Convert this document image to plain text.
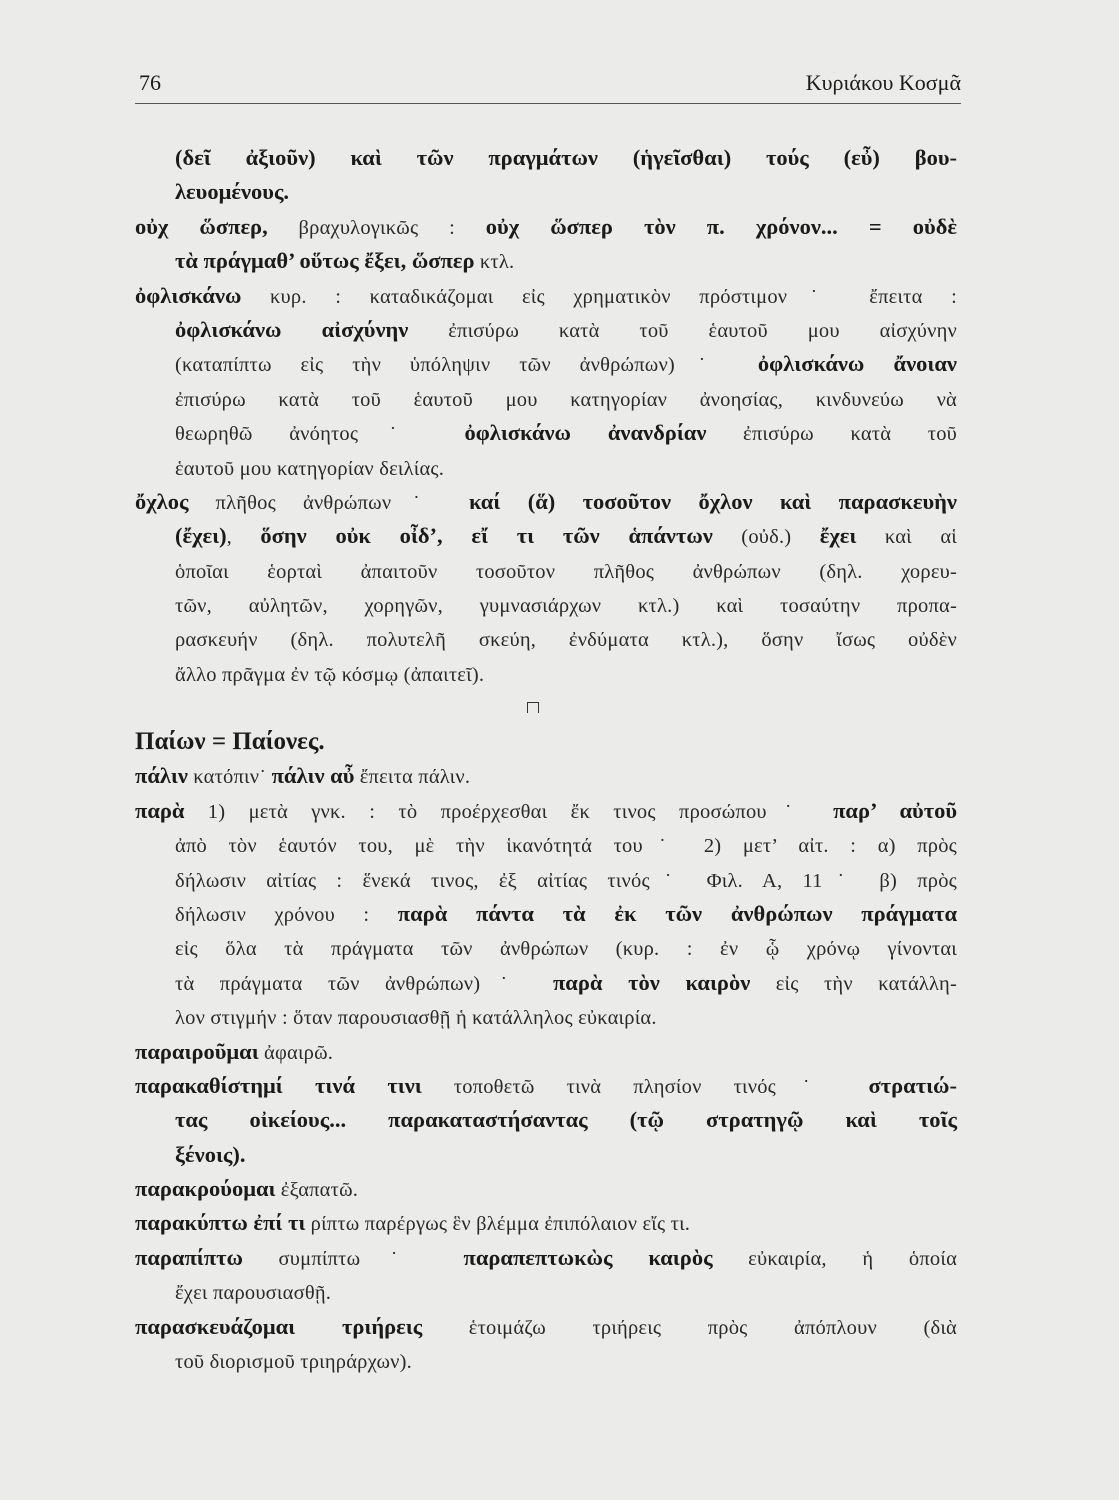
76	Κυριάκου Κοσμᾶ
(δεῖ ἀξιοῦν) καὶ τῶν πραγμάτων (ἡγεῖσθαι) τούς (εὖ) βου-
λευομένους.
οὐχ ὥσπερ, βραχυλογικῶς : οὐχ ὥσπερ τὸν π. χρόνον... = οὐδὲ
τὰ πράγμαθ’ οὕτως ἔξει, ὥσπερ κτλ.
ὀφλισκάνω κυρ. : καταδικάζομαι εἰς χρηματικὸν πρόστιμον˙ ἔπειτα :
ὀφλισκάνω αἰσχύνην ἐπισύρω κατὰ τοῦ ἑαυτοῦ μου αἰσχύνην
(καταπίπτω εἰς τὴν ὑπόληψιν τῶν ἀνθρώπων)˙ ὀφλισκάνω ἄνοιαν
ἐπισύρω κατὰ τοῦ ἑαυτοῦ μου κατηγορίαν ἀνοησίας, κινδυνεύω νὰ
θεωρηθῶ ἀνόητος˙ ὀφλισκάνω ἀνανδρίαν ἐπισύρω κατὰ τοῦ
ἑαυτοῦ μου κατηγορίαν δειλίας.
ὄχλος πλῆθος ἀνθρώπων˙ καί (ἅ) τοσοῦτον ὄχλον καὶ παρασκευὴν
(ἔχει), ὅσην οὐκ οἶδ’, εἴ τι τῶν ἁπάντων (οὐδ.) ἔχει καὶ αἱ
ὁποῖαι ἑορταὶ ἀπαιτοῦν τοσοῦτον πλῆθος ἀνθρώπων (δηλ. χορευ-
τῶν, αὐλητῶν, χορηγῶν, γυμνασιάρχων κτλ.) καὶ τοσαύτην προπα-
ρασκευήν (δηλ. πολυτελῆ σκεύη, ἐνδύματα κτλ.), ὅσην ἴσως οὐδὲν
ἄλλο πρᾶγμα ἐν τῷ κόσμῳ (ἀπαιτεῖ).
Παίων = Παίονες.
πάλιν κατόπιν˙ πάλιν αὖ ἔπειτα πάλιν.
παρὰ 1) μετὰ γνκ. : τὸ προέρχεσθαι ἔκ τινος προσώπου˙ παρ’ αὐτοῦ
ἀπὸ τὸν ἑαυτόν του, μὲ τὴν ἱκανότητά του˙ 2) μετ’ αἰτ. : α) πρὸς
δήλωσιν αἰτίας : ἕνεκά τινος, ἐξ αἰτίας τινός˙ Φιλ. Α, 11˙ β) πρὸς
δήλωσιν χρόνου : παρὰ πάντα τὰ ἐκ τῶν ἀνθρώπων πράγματα
εἰς ὅλα τὰ πράγματα τῶν ἀνθρώπων (κυρ. : ἐν ᾧ χρόνῳ γίνονται
τὰ πράγματα τῶν ἀνθρώπων)˙ παρὰ τὸν καιρὸν εἰς τὴν κατάλλη-
λον στιγμήν : ὅταν παρουσιασθῇ ἡ κατάλληλος εὐκαιρία.
παραιροῦμαι ἀφαιρῶ.
παρακαθίστημί τινά τινι τοποθετῶ τινὰ πλησίον τινός˙ στρατιώ-
τας οἰκείους... παρακαταστήσαντας (τῷ στρατηγῷ καὶ τοῖς
ξένοις).
παρακρούομαι ἐξαπατῶ.
παρακύπτω ἐπί τι ρίπτω παρέργως ἓν βλέμμα ἐπιπόλαιον εἴς τι.
παραπίπτω συμπίπτω˙ παραπεπτωκὼς καιρὸς εὐκαιρία, ἡ ὁποία
ἔχει παρουσιασθῇ.
παρασκευάζομαι τριήρεις ἑτοιμάζω τριήρεις πρὸς ἀπόπλουν (διὰ
τοῦ διορισμοῦ τριηράρχων).
